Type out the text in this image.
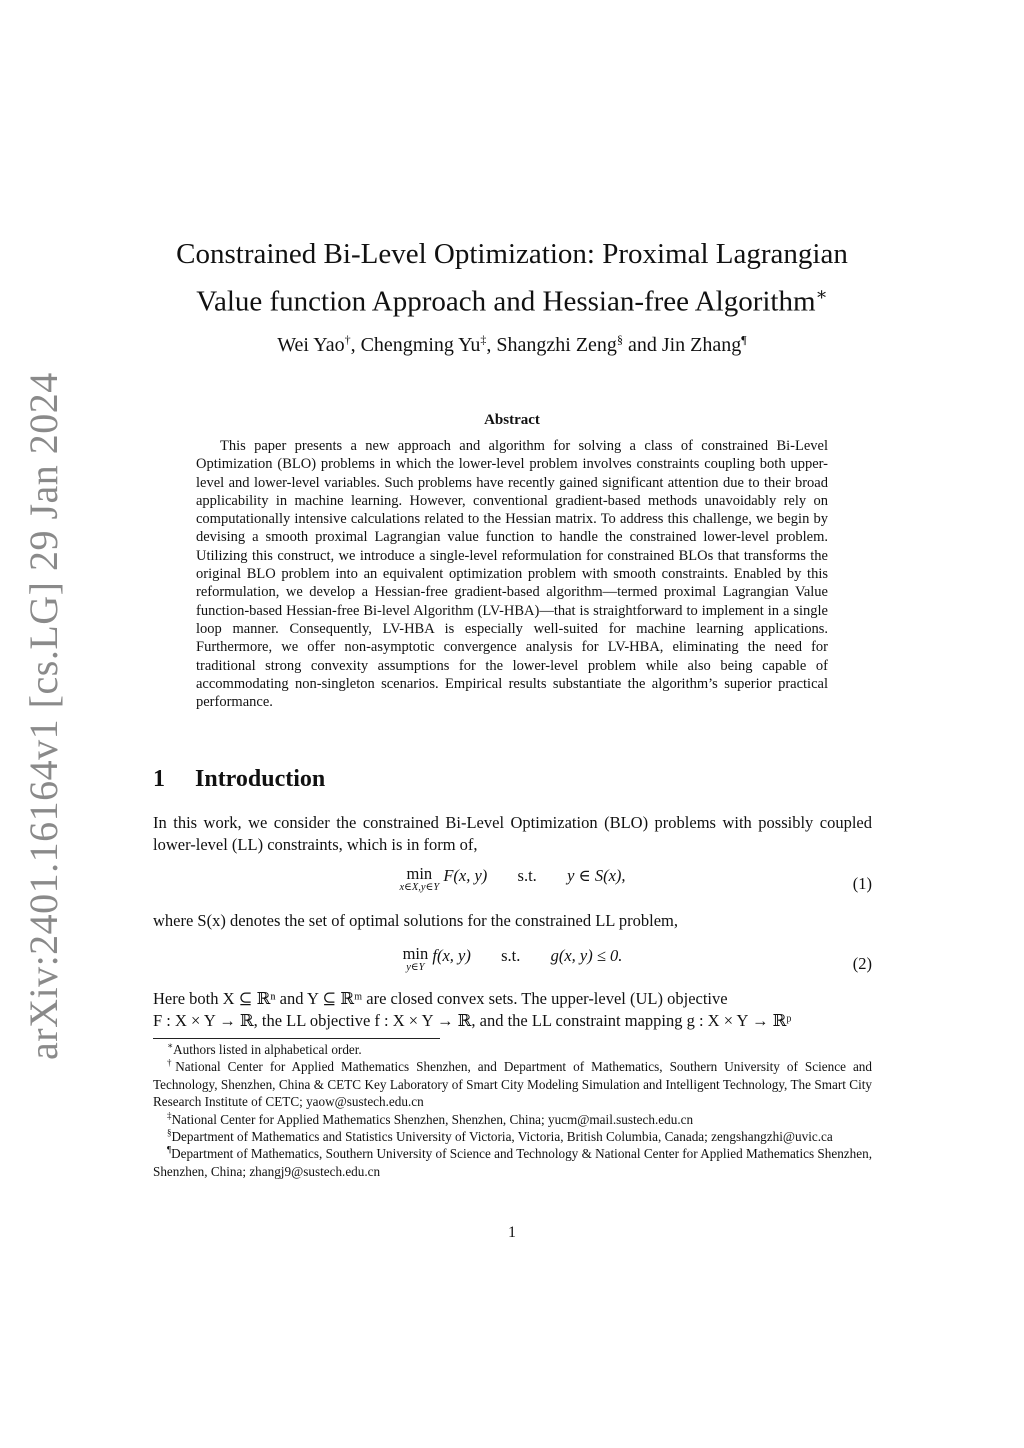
arXiv:2401.16164v1 [cs.LG] 29 Jan 2024
Constrained Bi-Level Optimization: Proximal Lagrangian
Value function Approach and Hessian-free Algorithm∗
Wei Yao†, Chengming Yu‡, Shangzhi Zeng§ and Jin Zhang¶
Abstract

This paper presents a new approach and algorithm for solving a class of constrained Bi-Level Optimization (BLO) problems in which the lower-level problem involves constraints coupling both upper-level and lower-level variables. Such problems have recently gained significant attention due to their broad applicability in machine learning. However, conventional gradient-based methods unavoidably rely on computationally intensive calculations related to the Hessian matrix. To address this challenge, we begin by devising a smooth proximal Lagrangian value function to handle the constrained lower-level problem. Utilizing this construct, we introduce a single-level reformulation for constrained BLOs that transforms the original BLO problem into an equivalent optimization problem with smooth constraints. Enabled by this reformulation, we develop a Hessian-free gradient-based algorithm—termed proximal Lagrangian Value function-based Hessian-free Bi-level Algorithm (LV-HBA)—that is straightforward to implement in a single loop manner. Consequently, LV-HBA is especially well-suited for machine learning applications. Furthermore, we offer non-asymptotic convergence analysis for LV-HBA, eliminating the need for traditional strong convexity assumptions for the lower-level problem while also being capable of accommodating non-singleton scenarios. Empirical results substantiate the algorithm’s superior practical performance.

1 Introduction

In this work, we consider the constrained Bi-Level Optimization (BLO) problems with possibly coupled lower-level (LL) constraints, which is in form of,

min
x∈X,y∈Y
F(x, y) s.t. y ∈ S(x),	(1)

where S(x) denotes the set of optimal solutions for the constrained LL problem,

min
y∈Y
f(x, y) s.t. g(x, y) ≤ 0.	(2)

Here both X ⊆ ℝⁿ and Y ⊆ ℝᵐ are closed convex sets. The upper-level (UL) objective
F : X × Y → ℝ, the LL objective f : X × Y → ℝ, and the LL constraint mapping g : X × Y → ℝᵖ

∗Authors listed in alphabetical order.

†National Center for Applied Mathematics Shenzhen, and Department of Mathematics, Southern University of Science and Technology, Shenzhen, China & CETC Key Laboratory of Smart City Modeling Simulation and Intelligent Technology, The Smart City Research Institute of CETC; yaow@sustech.edu.cn

‡National Center for Applied Mathematics Shenzhen, Shenzhen, China; yucm@mail.sustech.edu.cn

§Department of Mathematics and Statistics University of Victoria, Victoria, British Columbia, Canada; zengshangzhi@uvic.ca

¶Department of Mathematics, Southern University of Science and Technology & National Center for Applied Mathematics Shenzhen, Shenzhen, China; zhangj9@sustech.edu.cn

1
